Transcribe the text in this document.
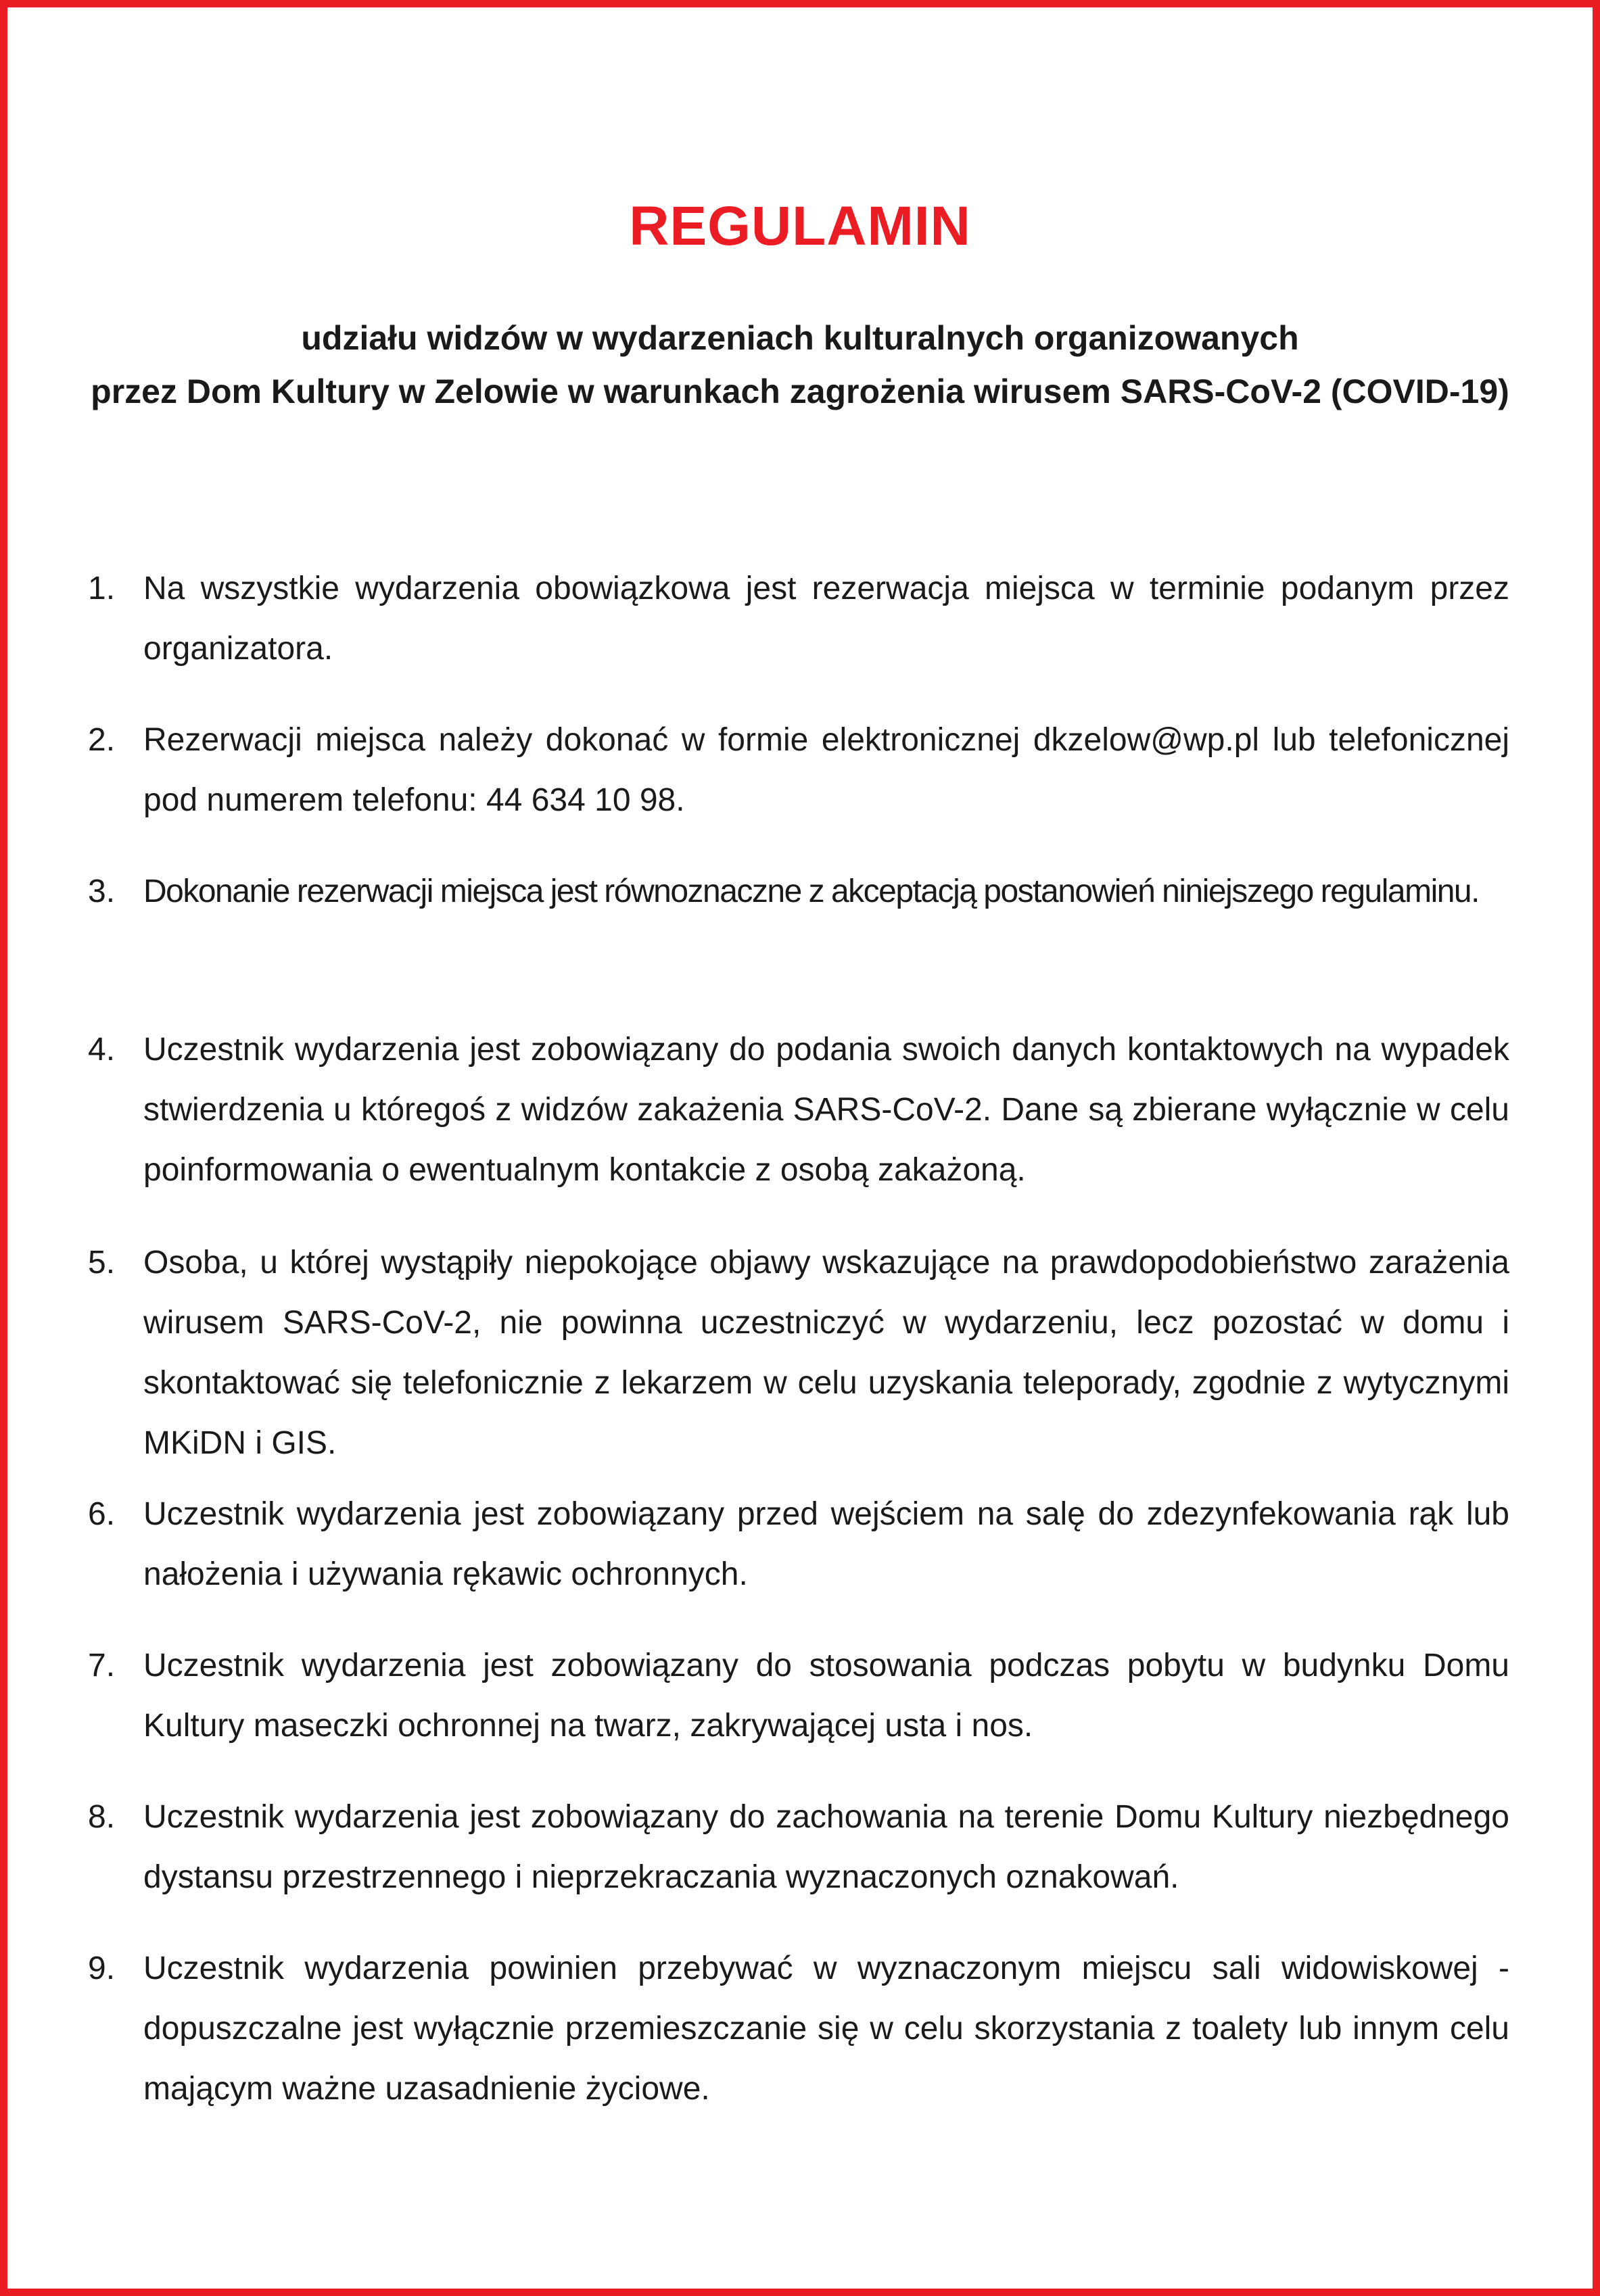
REGULAMIN
udziału widzów w wydarzeniach kulturalnych organizowanych
przez Dom Kultury w Zelowie w warunkach zagrożenia wirusem SARS-CoV-2 (COVID-19)
1. Na wszystkie wydarzenia obowiązkowa jest rezerwacja miejsca w terminie podanym przez organizatora.
2. Rezerwacji miejsca należy dokonać w formie elektronicznej dkzelow@wp.pl lub telefonicznej pod numerem telefonu: 44 634 10 98.
3. Dokonanie rezerwacji miejsca jest równoznaczne z akceptacją postanowień niniejszego regulaminu.
4. Uczestnik wydarzenia jest zobowiązany do podania swoich danych kontaktowych na wypadek stwierdzenia u któregoś z widzów zakażenia SARS-CoV-2. Dane są zbierane wyłącznie w celu poinformowania o ewentualnym kontakcie z osobą zakażoną.
5. Osoba, u której wystąpiły niepokojące objawy wskazujące na prawdopodobieństwo zarażenia wirusem SARS-CoV-2, nie powinna uczestniczyć w wydarzeniu, lecz pozostać w domu i skontaktować się telefonicznie z lekarzem w celu uzyskania teleporady, zgodnie z wytycznymi MKiDN i GIS.
6. Uczestnik wydarzenia jest zobowiązany przed wejściem na salę do zdezynfekowania rąk lub nałożenia i używania rękawic ochronnych.
7. Uczestnik wydarzenia jest zobowiązany do stosowania podczas pobytu w budynku Domu Kultury maseczki ochronnej na twarz, zakrywającej usta i nos.
8. Uczestnik wydarzenia jest zobowiązany do zachowania na terenie Domu Kultury niezbędnego dystansu przestrzennego i nieprzekraczania wyznaczonych oznakowań.
9. Uczestnik wydarzenia powinien przebywać w wyznaczonym miejscu sali widowiskowej - dopuszczalne jest wyłącznie przemieszczanie się w celu skorzystania z toalety lub innym celu mającym ważne uzasadnienie życiowe.
